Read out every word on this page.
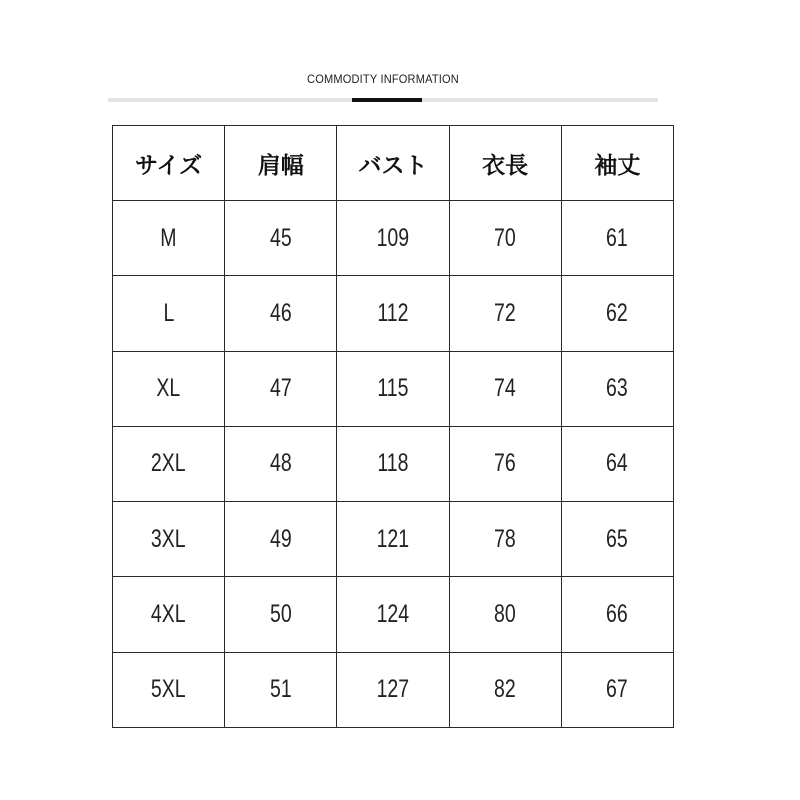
COMMODITY INFORMATION
サイズ	肩幅	バスト	衣長	袖丈
M	45	109	70	61
L	46	112	72	62
XL	47	115	74	63
2XL	48	118	76	64
3XL	49	121	78	65
4XL	50	124	80	66
5XL	51	127	82	67
